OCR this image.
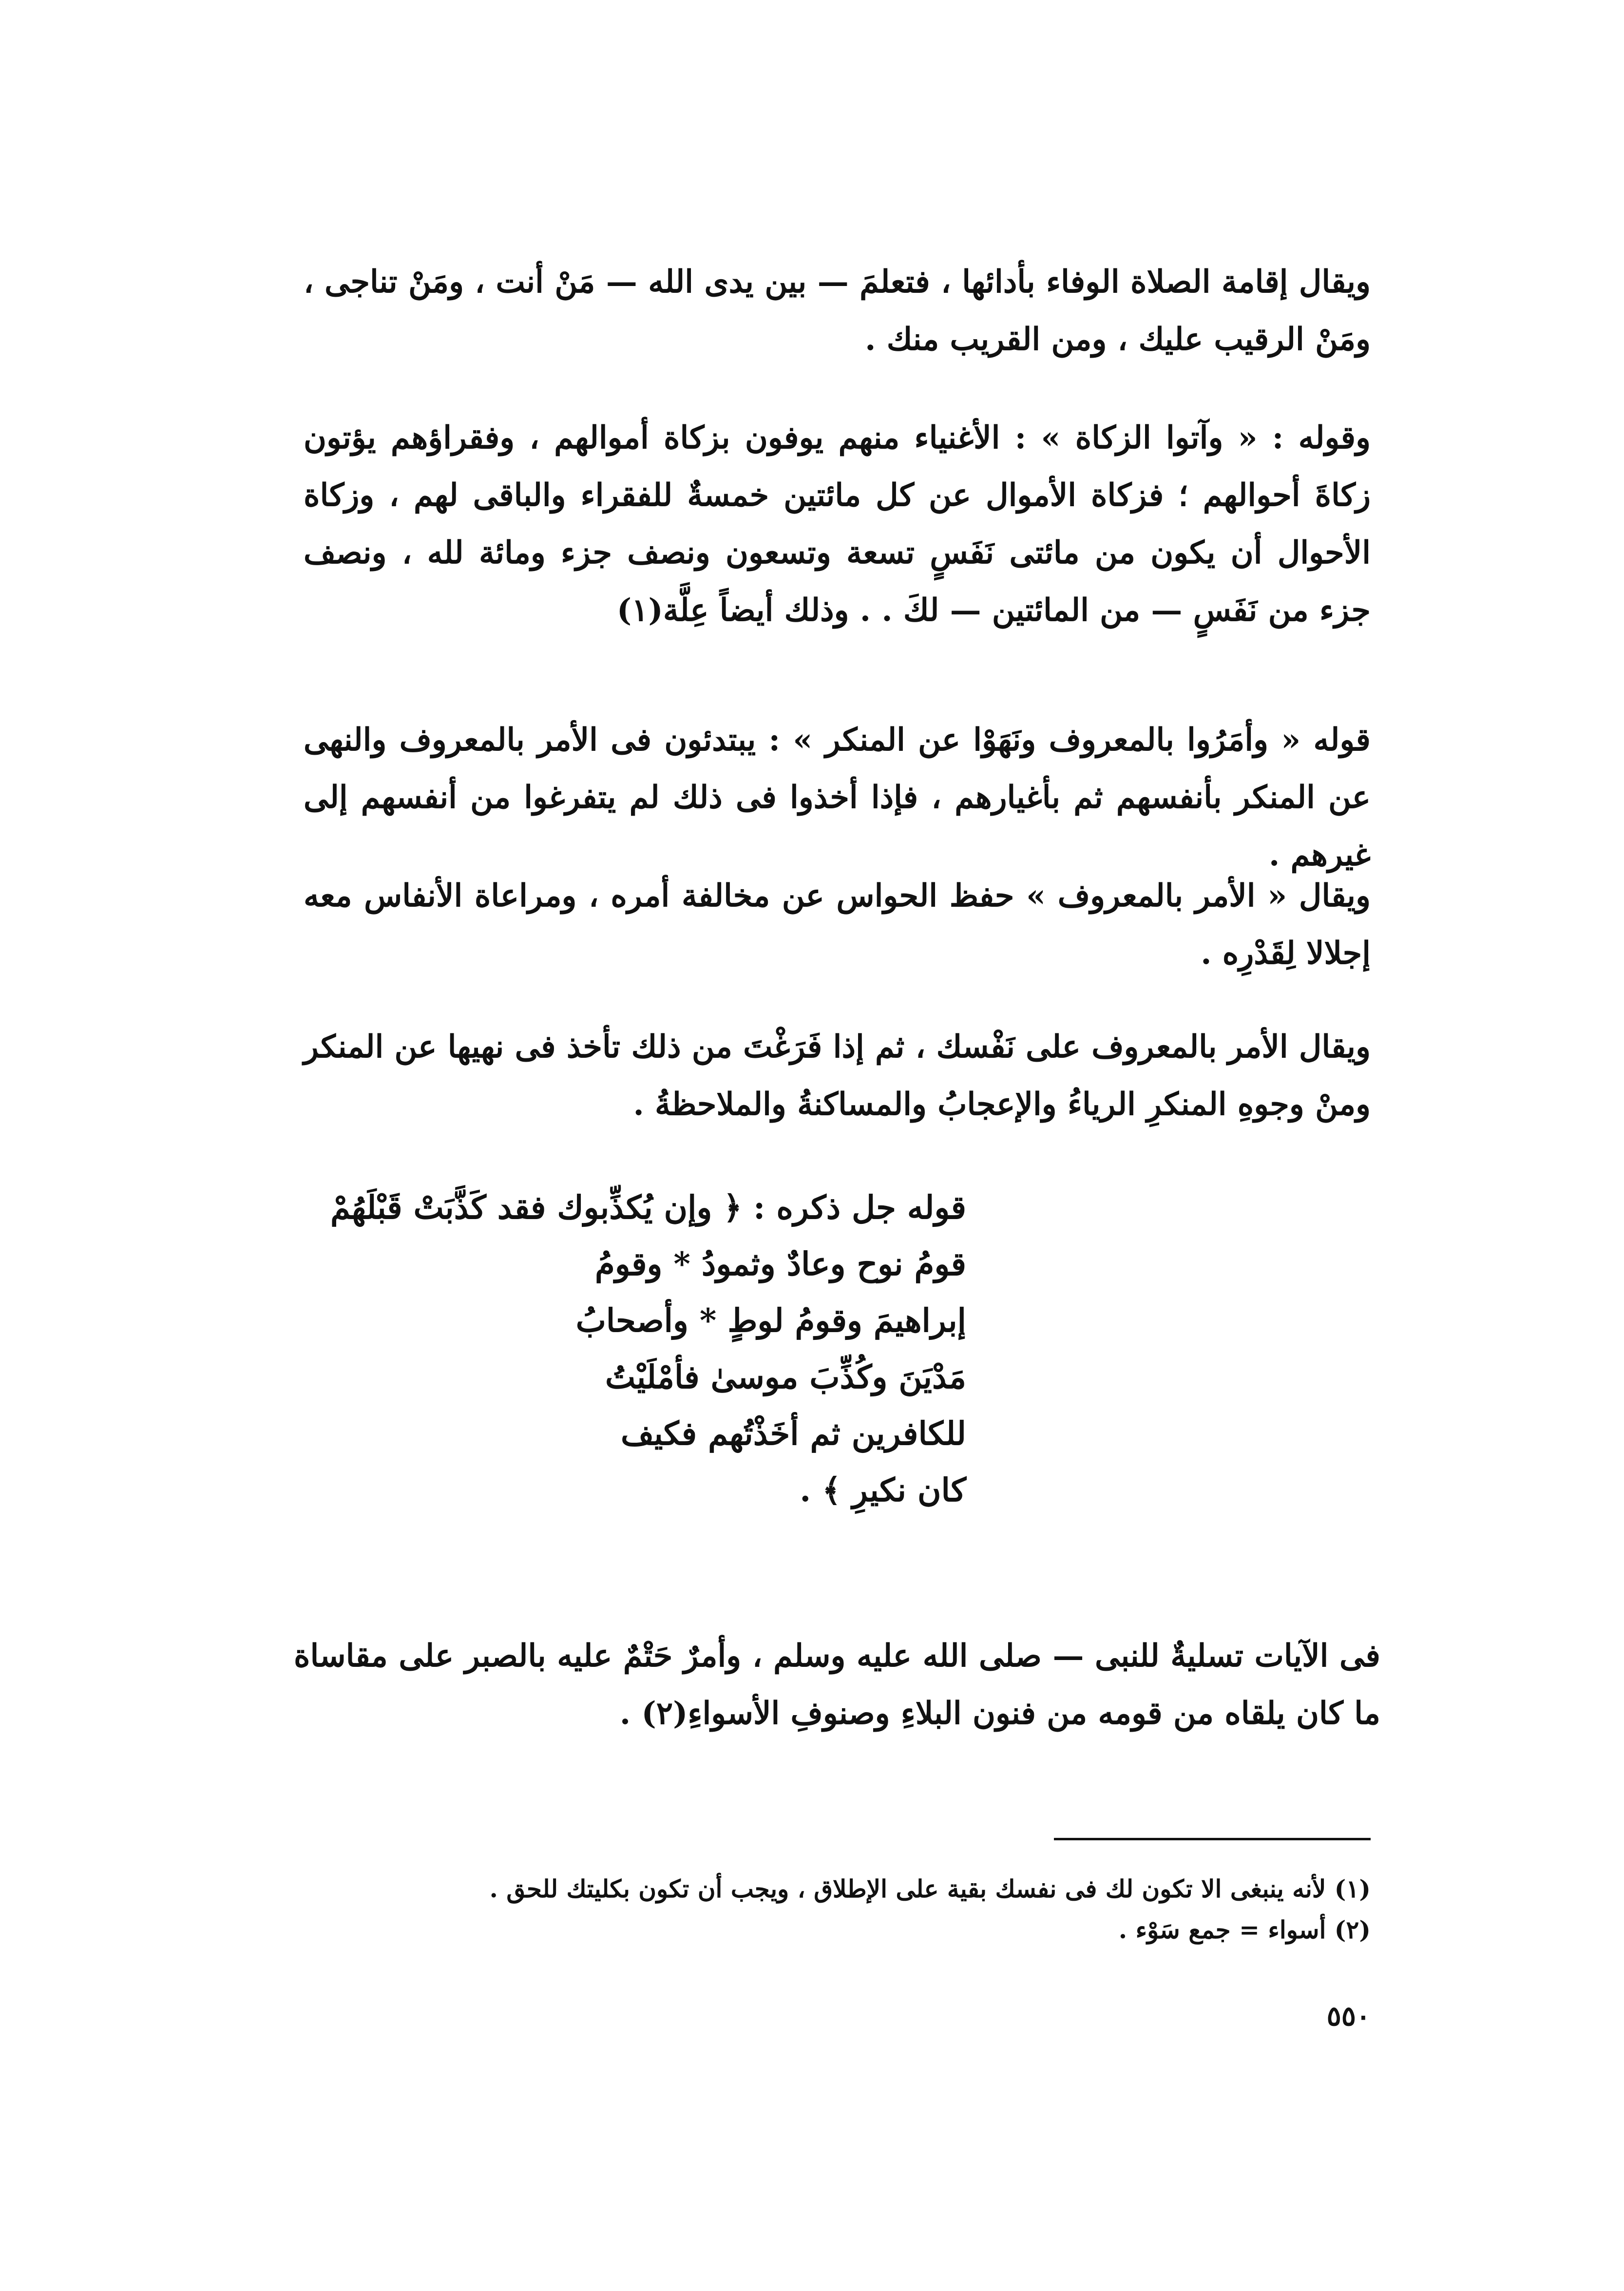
ويقال إقامة الصلاة الوفاء بأدائها ، فتعلمَ — بين يدى الله — مَنْ أنت ، ومَنْ تناجى ، ومَنْ الرقيب عليك ، ومن القريب منك .
وقوله : « وآتوا الزكاة » : الأغنياء منهم يوفون بزكاة أموالهم ، وفقراؤهم يؤتون زكاةَ أحوالهم ؛ فزكاة الأموال عن كل مائتين خمسةٌ للفقراء والباقى لهم ، وزكاة الأحوال أن يكون من مائتى نَفَسٍ تسعة وتسعون ونصف جزء ومائة لله ، ونصف جزء من نَفَسٍ — من المائتين — لكَ . . وذلك أيضاً عِلَّة(١)
قوله « وأمَرُوا بالمعروف ونَهَوْا عن المنكر » : يبتدئون فى الأمر بالمعروف والنهى عن المنكر بأنفسهم ثم بأغيارهم ، فإذا أخذوا فى ذلك لم يتفرغوا من أنفسهم إلى غيرهم .
ويقال « الأمر بالمعروف » حفظ الحواس عن مخالفة أمره ، ومراعاة الأنفاس معه إجلالا لِقَدْرِه .
ويقال الأمر بالمعروف على نَفْسك ، ثم إذا فَرَغْتَ من ذلك تأخذ فى نهيها عن المنكر ومنْ وجوهِ المنكرِ الرياءُ والإعجابُ والمساكنةُ والملاحظةُ .
قوله جل ذكره : ﴿ وإن يُكذِّبوك فقد كَذَّبَتْ قَبْلَهُمْ
قومُ نوح وعادٌ وثمودُ * وقومُ
إبراهيمَ وقومُ لوطٍ * وأصحابُ
مَدْيَنَ وكُذِّبَ موسىٰ فأمْلَيْتُ
للكافرين ثم أخَذْتُهم فكيف
كان نكيرِ ﴾ .
فى الآيات تسليةٌ للنبى — صلى الله عليه وسلم ، وأمرٌ حَتْمٌ عليه بالصبر على مقاساة ما كان يلقاه من قومه من فنون البلاءِ وصنوفِ الأسواءِ(٢) .
(١) لأنه ينبغى الا تكون لك فى نفسك بقية على الإطلاق ، ويجب أن تكون بكليتك للحق .
(٢) أسواء = جمع سَوْء .
٥٥٠
